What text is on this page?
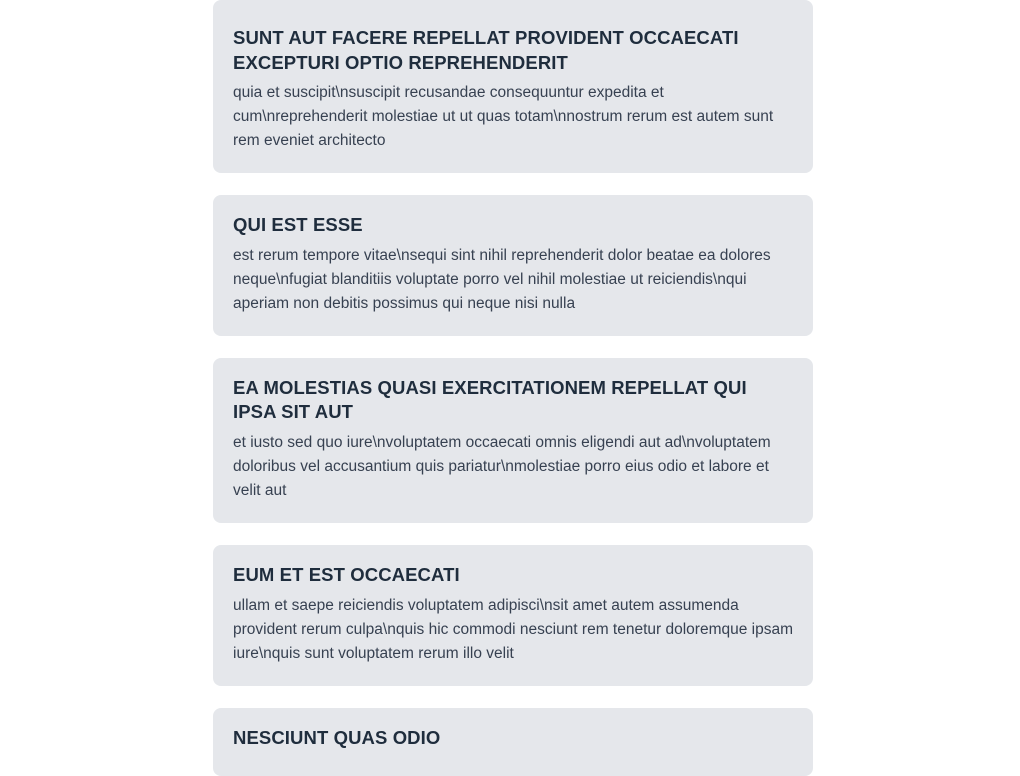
SUNT AUT FACERE REPELLAT PROVIDENT OCCAECATI EXCEPTURI OPTIO REPREHENDERIT
quia et suscipit\nsuscipit recusandae consequuntur expedita et cum\nreprehenderit molestiae ut ut quas totam\nnostrum rerum est autem sunt rem eveniet architecto
QUI EST ESSE
est rerum tempore vitae\nsequi sint nihil reprehenderit dolor beatae ea dolores neque\nfugiat blanditiis voluptate porro vel nihil molestiae ut reiciendis\nqui aperiam non debitis possimus qui neque nisi nulla
EA MOLESTIAS QUASI EXERCITATIONEM REPELLAT QUI IPSA SIT AUT
et iusto sed quo iure\nvoluptatem occaecati omnis eligendi aut ad\nvoluptatem doloribus vel accusantium quis pariatur\nmolestiae porro eius odio et labore et velit aut
EUM ET EST OCCAECATI
ullam et saepe reiciendis voluptatem adipisci\nsit amet autem assumenda provident rerum culpa\nquis hic commodi nesciunt rem tenetur doloremque ipsam iure\nquis sunt voluptatem rerum illo velit
NESCIUNT QUAS ODIO
